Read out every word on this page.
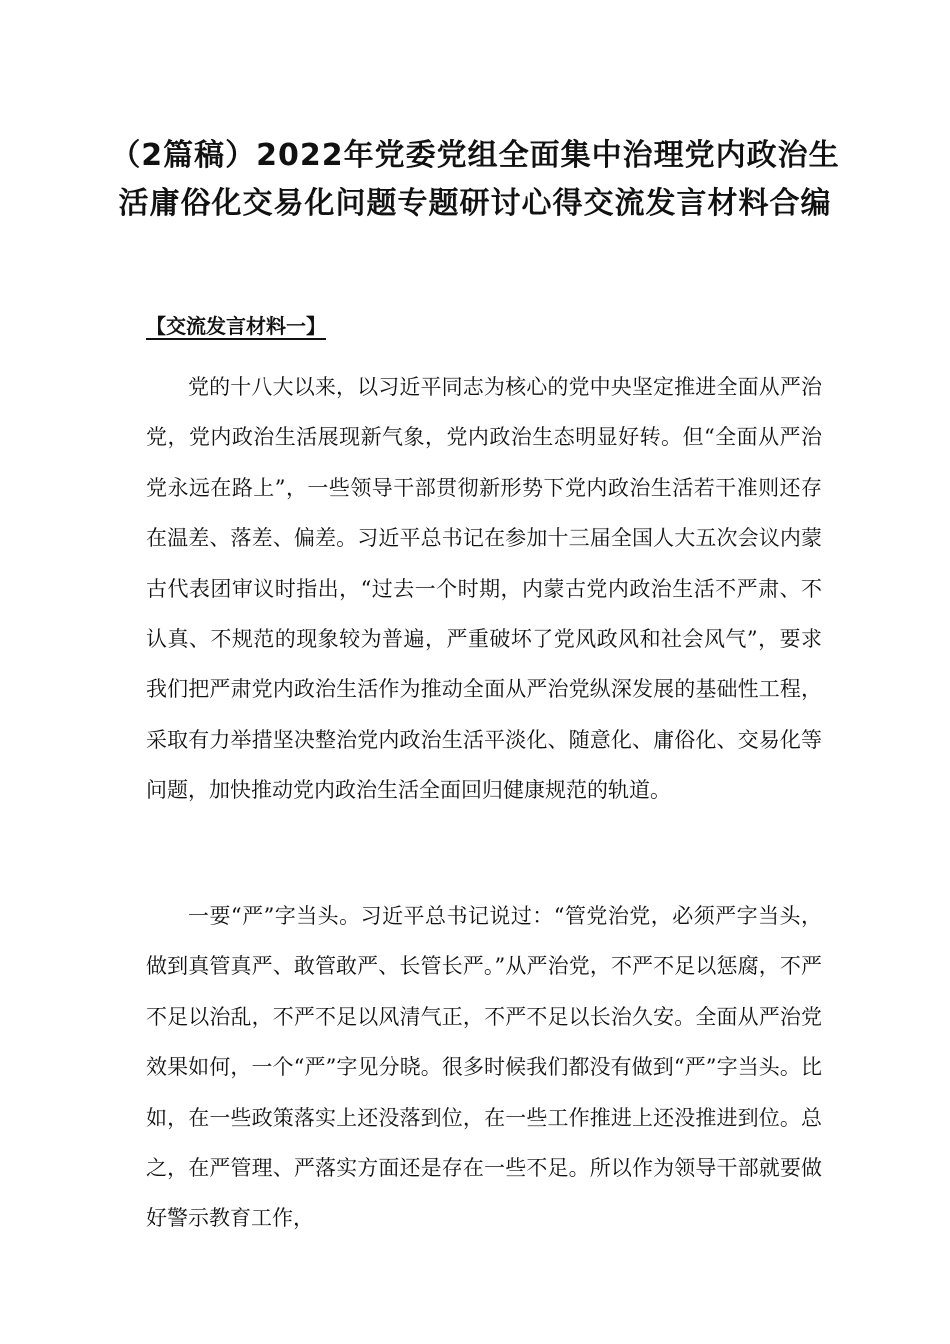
（2篇稿）2022年党委党组全面集中治理党内政治生活庸俗化交易化问题专题研讨心得交流发言材料合编
【交流发言材料一】

党的十八大以来，以习近平同志为核心的党中央坚定推进全面从严治党，党内政治生活展现新气象，党内政治生态明显好转。但“全面从严治党永远在路上”，一些领导干部贯彻新形势下党内政治生活若干准则还存在温差、落差、偏差。习近平总书记在参加十三届全国人大五次会议内蒙古代表团审议时指出，“过去一个时期，内蒙古党内政治生活不严肃、不认真、不规范的现象较为普遍，严重破坏了党风政风和社会风气”，要求我们把严肃党内政治生活作为推动全面从严治党纵深发展的基础性工程，采取有力举措坚决整治党内政治生活平淡化、随意化、庸俗化、交易化等问题，加快推动党内政治生活全面回归健康规范的轨道。

一要“严”字当头。习近平总书记说过：“管党治党，必须严字当头，做到真管真严、敢管敢严、长管长严。”从严治党，不严不足以惩腐，不严不足以治乱，不严不足以风清气正，不严不足以长治久安。全面从严治党效果如何，一个“严”字见分晓。很多时候我们都没有做到“严”字当头。比如，在一些政策落实上还没落到位，在一些工作推进上还没推进到位。总之，在严管理、严落实方面还是存在一些不足。所以作为领导干部就要做好警示教育工作，
